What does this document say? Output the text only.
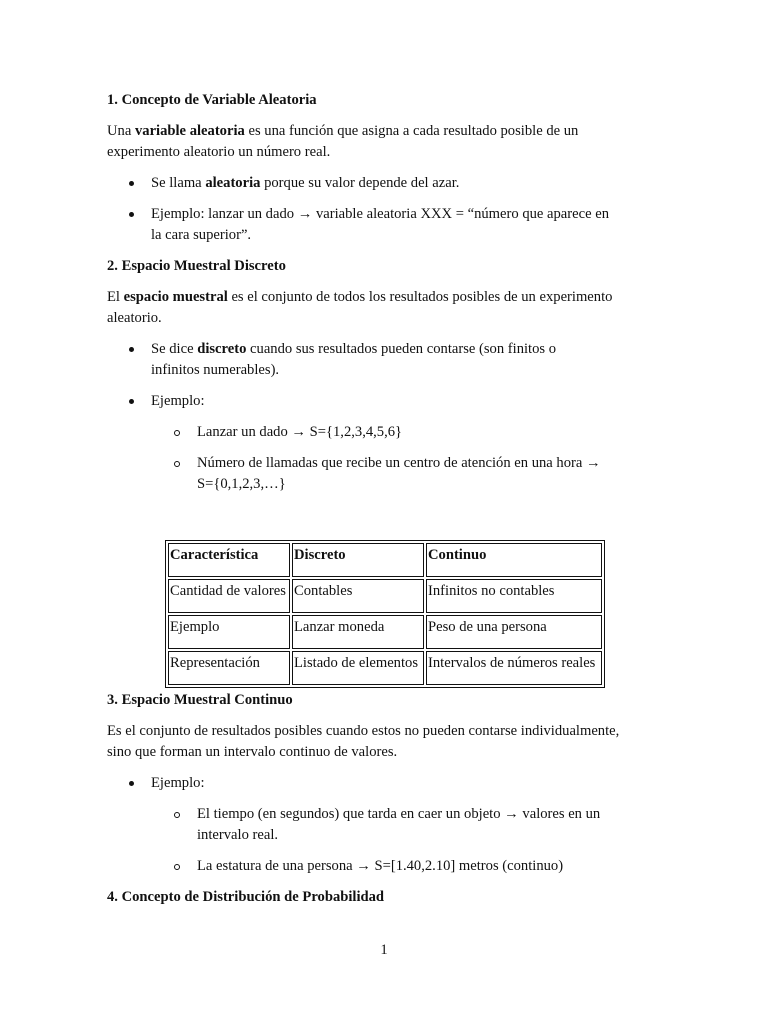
1. Concepto de Variable Aleatoria

Una variable aleatoria es una función que asigna a cada resultado posible de un experimento aleatorio un número real.

Se llama aleatoria porque su valor depende del azar.
Ejemplo: lanzar un dado → variable aleatoria XXX = “número que aparece en la cara superior”.
2. Espacio Muestral Discreto

El espacio muestral es el conjunto de todos los resultados posibles de un experimento aleatorio.

Se dice discreto cuando sus resultados pueden contarse (son finitos o infinitos numerables).
Ejemplo:
Lanzar un dado → S={1,2,3,4,5,6}
Número de llamadas que recibe un centro de atención en una hora → S={0,1,2,3,…}
Característica	Discreto	Continuo
Cantidad de valores	Contables	Infinitos no contables
Ejemplo	Lanzar moneda	Peso de una persona
Representación	Listado de elementos	Intervalos de números reales
3. Espacio Muestral Continuo

Es el conjunto de resultados posibles cuando estos no pueden contarse individualmente, sino que forman un intervalo continuo de valores.

Ejemplo:
El tiempo (en segundos) que tarda en caer un objeto → valores en un intervalo real.
La estatura de una persona → S=[1.40,2.10] metros (continuo)
4. Concepto de Distribución de Probabilidad
1
